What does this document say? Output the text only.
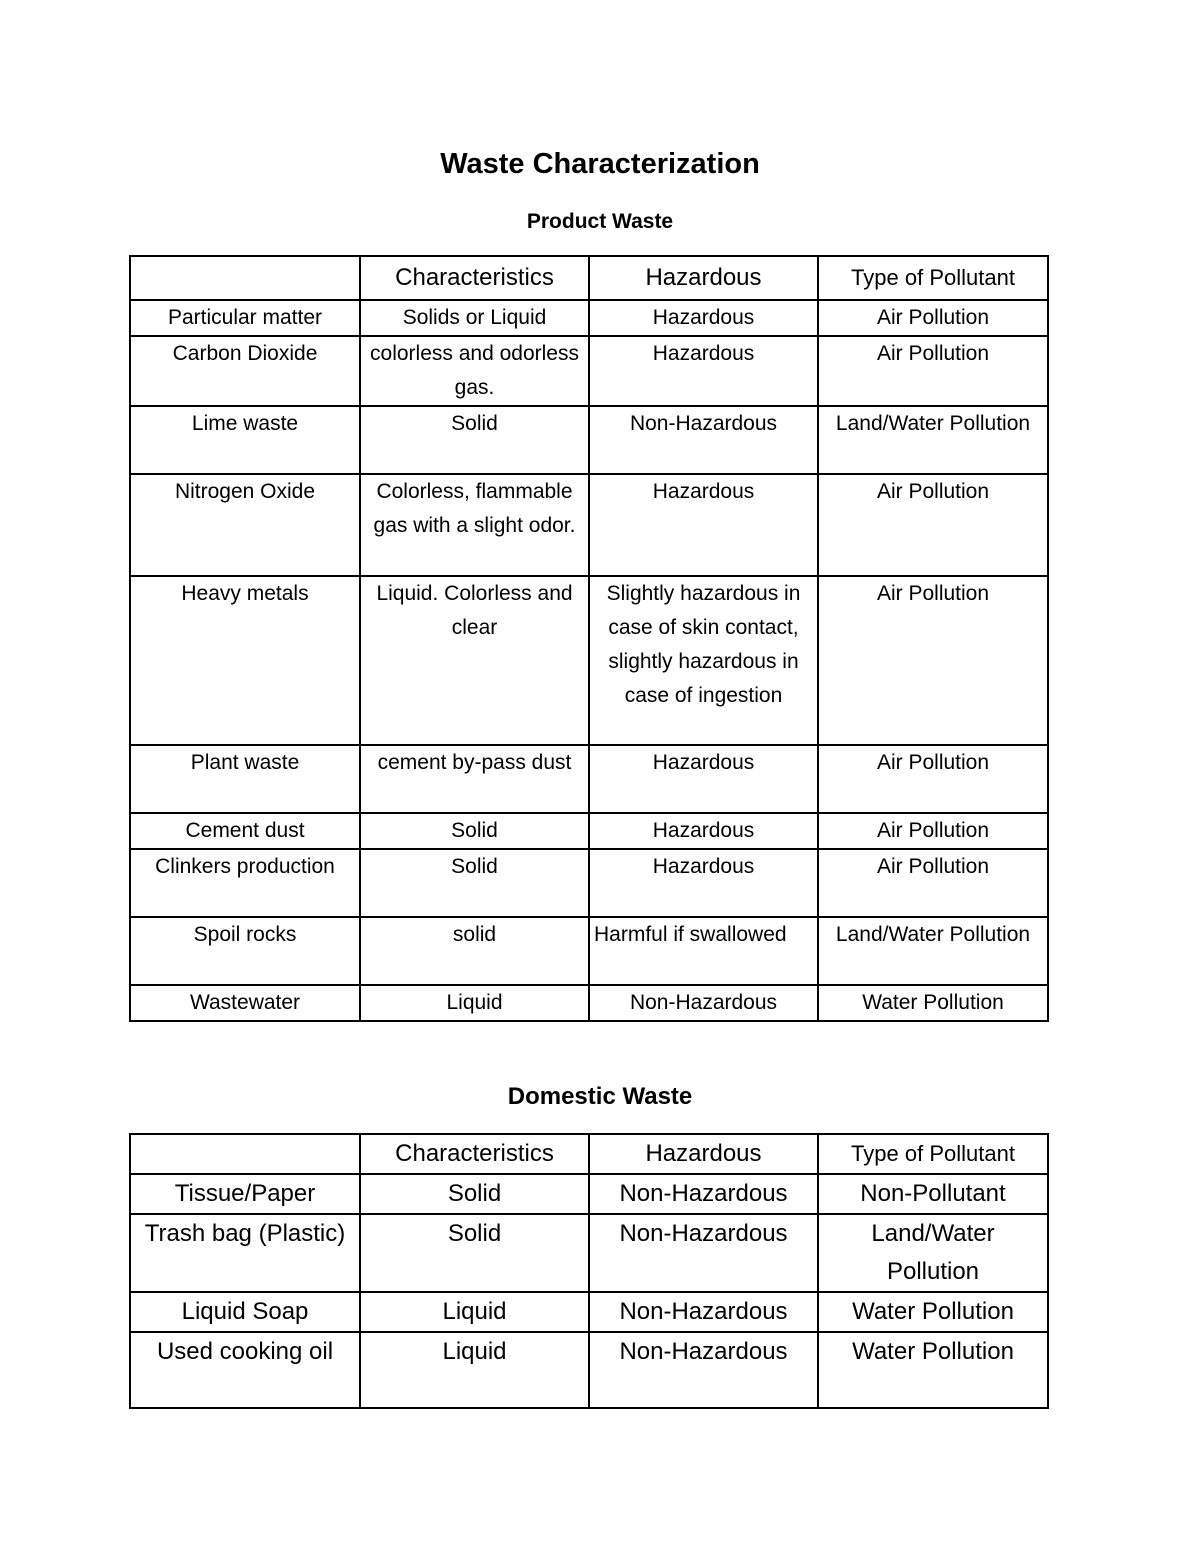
Waste Characterization
Product Waste
	Characteristics	Hazardous	Type of Pollutant
Particular matter	Solids or Liquid	Hazardous	Air Pollution
Carbon Dioxide	colorless and odorless gas.	Hazardous	Air Pollution
Lime waste	Solid	Non-Hazardous	Land/Water Pollution
Nitrogen Oxide	Colorless, flammable gas with a slight odor.	Hazardous	Air Pollution
Heavy metals	Liquid. Colorless and clear	Slightly hazardous in case of skin contact, slightly hazardous in case of ingestion	Air Pollution
Plant waste	cement by-pass dust	Hazardous	Air Pollution
Cement dust	Solid	Hazardous	Air Pollution
Clinkers production	Solid	Hazardous	Air Pollution
Spoil rocks	solid	Harmful if swallowed	Land/Water Pollution
Wastewater	Liquid	Non-Hazardous	Water Pollution
Domestic Waste
	Characteristics	Hazardous	Type of Pollutant
Tissue/Paper	Solid	Non-Hazardous	Non-Pollutant
Trash bag (Plastic)	Solid	Non-Hazardous	Land/Water Pollution
Liquid Soap	Liquid	Non-Hazardous	Water Pollution
Used cooking oil	Liquid	Non-Hazardous	Water Pollution
